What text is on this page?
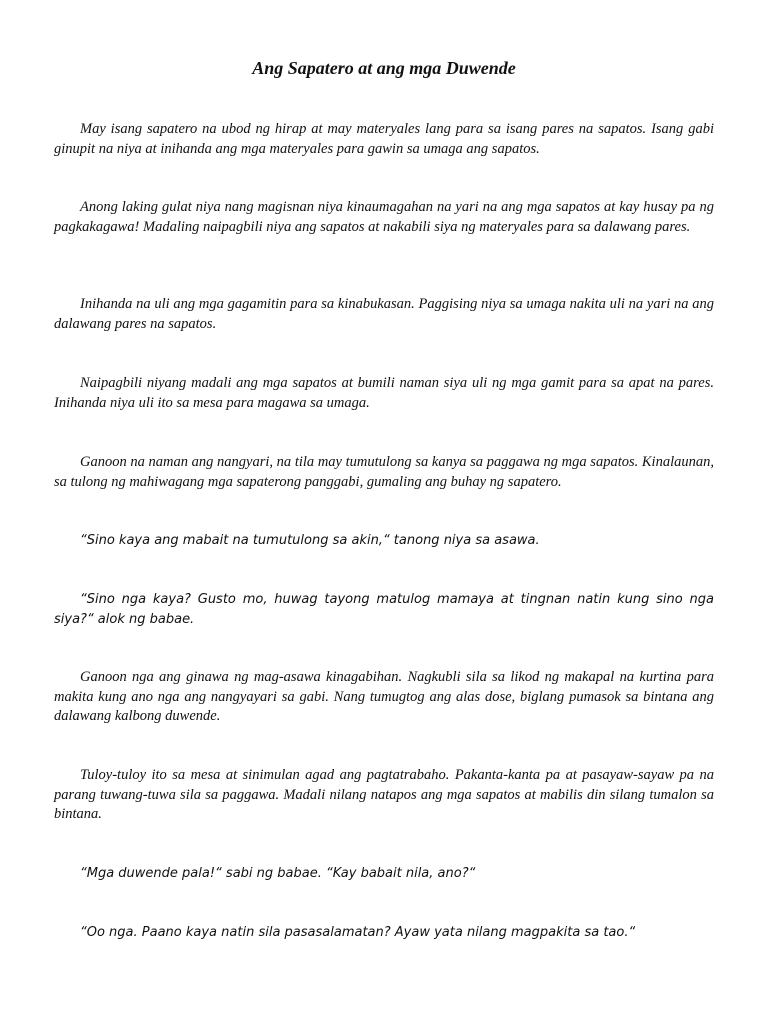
Ang Sapatero at ang mga Duwende

May isang sapatero na ubod ng hirap at may materyales lang para sa isang pares na sapatos. Isang gabi ginupit na niya at inihanda ang mga materyales para gawin sa umaga ang sapatos.

Anong laking gulat niya nang magisnan niya kinaumagahan na yari na ang mga sapatos at kay husay pa ng pagkakagawa! Madaling naipagbili niya ang sapatos at nakabili siya ng materyales para sa dalawang pares.

Inihanda na uli ang mga gagamitin para sa kinabukasan. Paggising niya sa umaga nakita uli na yari na ang dalawang pares na sapatos.

Naipagbili niyang madali ang mga sapatos at bumili naman siya uli ng mga gamit para sa apat na pares. Inihanda niya uli ito sa mesa para magawa sa umaga.

Ganoon na naman ang nangyari, na tila may tumutulong sa kanya sa paggawa ng mga sapatos. Kinalaunan, sa tulong ng mahiwagang mga sapaterong panggabi, gumaling ang buhay ng sapatero.

“Sino kaya ang mabait na tumutulong sa akin,“ tanong niya sa asawa.

“Sino nga kaya? Gusto mo, huwag tayong matulog mamaya at tingnan natin kung sino nga siya?“ alok ng babae.

Ganoon nga ang ginawa ng mag-asawa kinagabihan. Nagkubli sila sa likod ng makapal na kurtina para makita kung ano nga ang nangyayari sa gabi. Nang tumugtog ang alas dose, biglang pumasok sa bintana ang dalawang kalbong duwende.

Tuloy-tuloy ito sa mesa at sinimulan agad ang pagtatrabaho. Pakanta-kanta pa at pasayaw-sayaw pa na parang tuwang-tuwa sila sa paggawa. Madali nilang natapos ang mga sapatos at mabilis din silang tumalon sa bintana.

“Mga duwende pala!“ sabi ng babae. “Kay babait nila, ano?“

“Oo nga. Paano kaya natin sila pasasalamatan? Ayaw yata nilang magpakita sa tao.“
